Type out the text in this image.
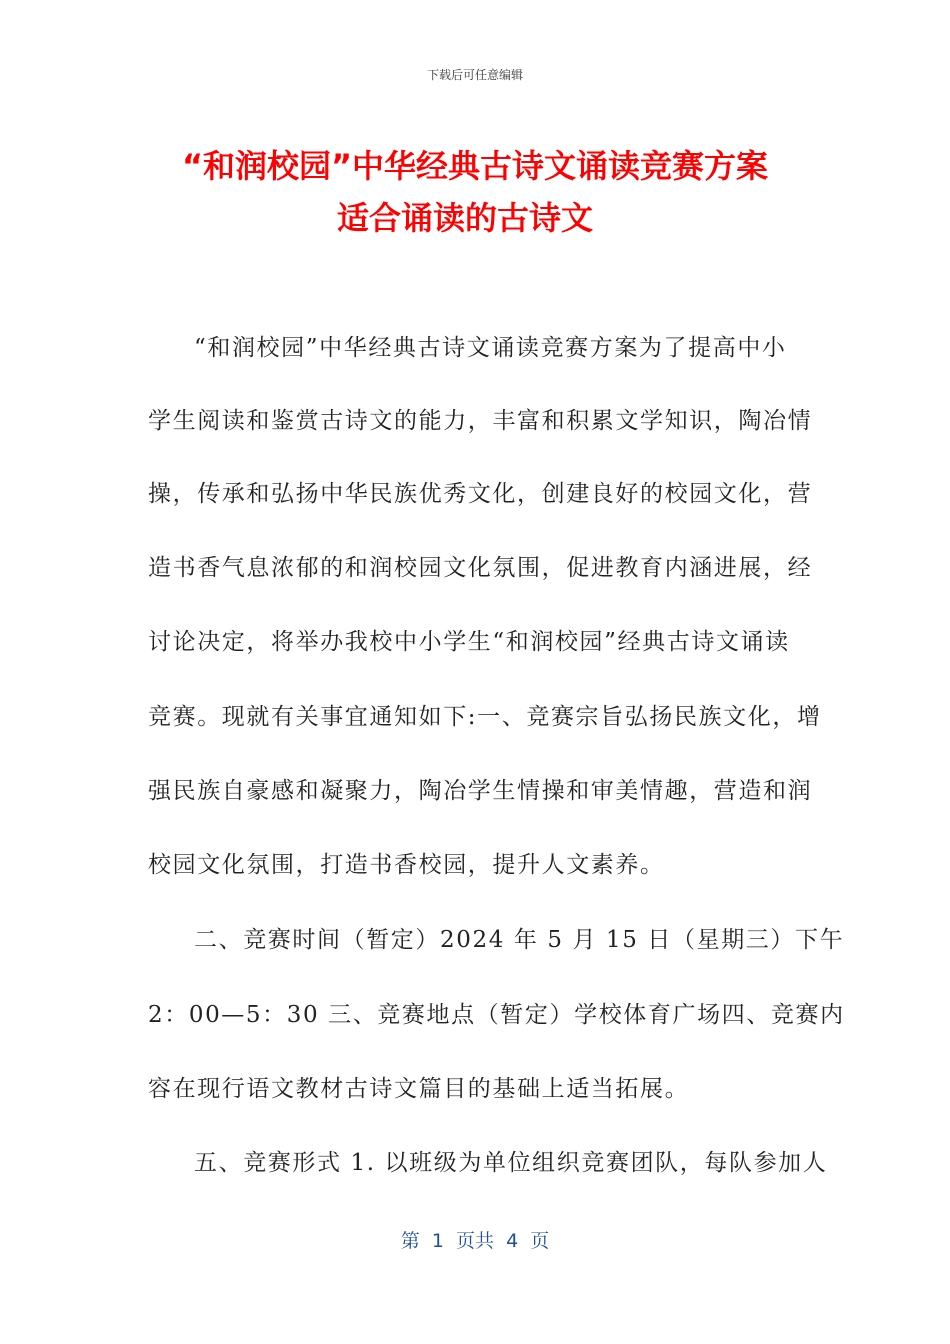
下载后可任意编辑
“和润校园”中华经典古诗文诵读竞赛方案
适合诵读的古诗文
“和润校园”中华经典古诗文诵读竞赛方案为了提高中小
学生阅读和鉴赏古诗文的能力，丰富和积累文学知识，陶冶情
操，传承和弘扬中华民族优秀文化，创建良好的校园文化，营
造书香气息浓郁的和润校园文化氛围，促进教育内涵进展，经
讨论决定，将举办我校中小学生“和润校园”经典古诗文诵读
竞赛。现就有关事宜通知如下:一、竞赛宗旨弘扬民族文化，增
强民族自豪感和凝聚力，陶冶学生情操和审美情趣，营造和润
校园文化氛围，打造书香校园，提升人文素养。
二、竞赛时间（暂定）2024 年 5 月 15 日（星期三）下午
2：00—5：30 三、竞赛地点（暂定）学校体育广场四、竞赛内
容在现行语文教材古诗文篇目的基础上适当拓展。
五、竞赛形式 1. 以班级为单位组织竞赛团队，每队参加人
第  1  页共  4  页
